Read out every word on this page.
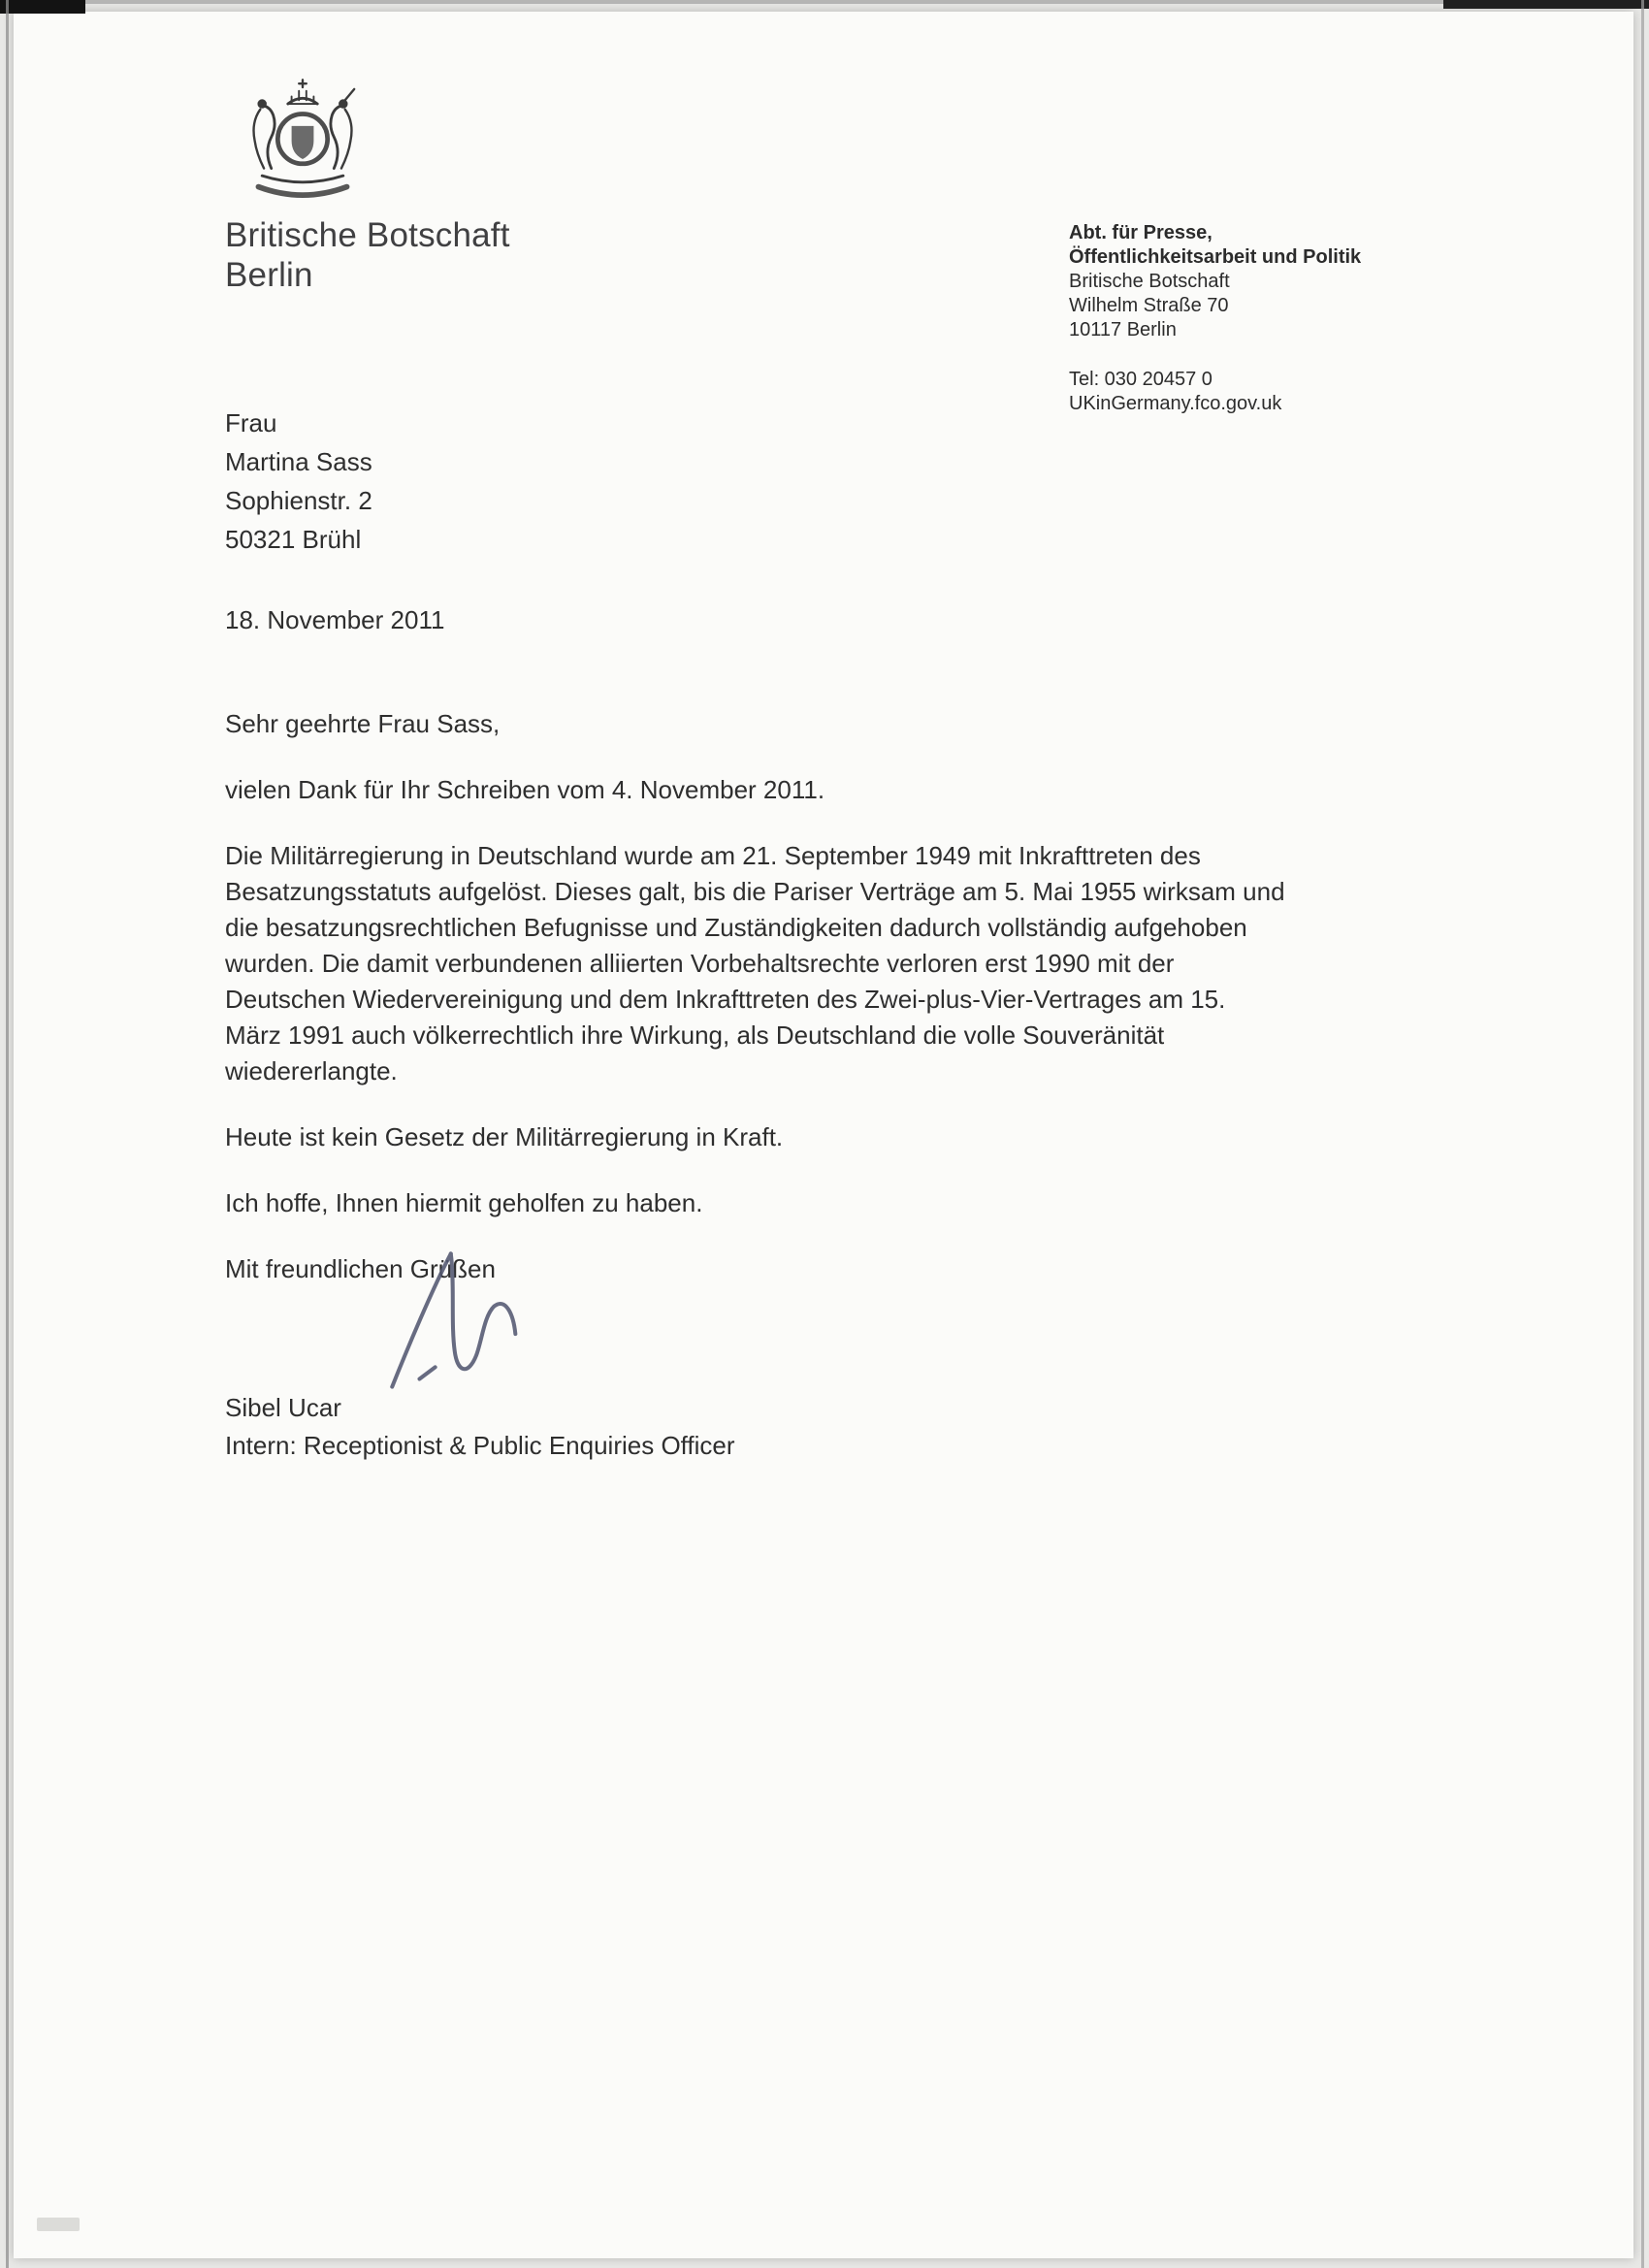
Britische Botschaft
Berlin
Abt. für Presse,
Öffentlichkeitsarbeit und Politik
Britische Botschaft
Wilhelm Straße 70
10117 Berlin
Tel: 030 20457 0
UKinGermany.fco.gov.uk
Frau
Martina Sass
Sophienstr. 2
50321 Brühl
18. November 2011

Sehr geehrte Frau Sass,

vielen Dank für Ihr Schreiben vom 4. November 2011.

Die Militärregierung in Deutschland wurde am 21. September 1949 mit Inkrafttreten des Besatzungsstatuts aufgelöst. Dieses galt, bis die Pariser Verträge am 5. Mai 1955 wirksam und die besatzungsrechtlichen Befugnisse und Zuständigkeiten dadurch vollständig aufgehoben wurden. Die damit verbundenen alliierten Vorbehaltsrechte verloren erst 1990 mit der Deutschen Wiedervereinigung und dem Inkrafttreten des Zwei-plus-Vier-Vertrages am 15. März 1991 auch völkerrechtlich ihre Wirkung, als Deutschland die volle Souveränität wiedererlangte.

Heute ist kein Gesetz der Militärregierung in Kraft.

Ich hoffe, Ihnen hiermit geholfen zu haben.

Mit freundlichen Grüßen

Sibel Ucar
Intern: Receptionist & Public Enquiries Officer
